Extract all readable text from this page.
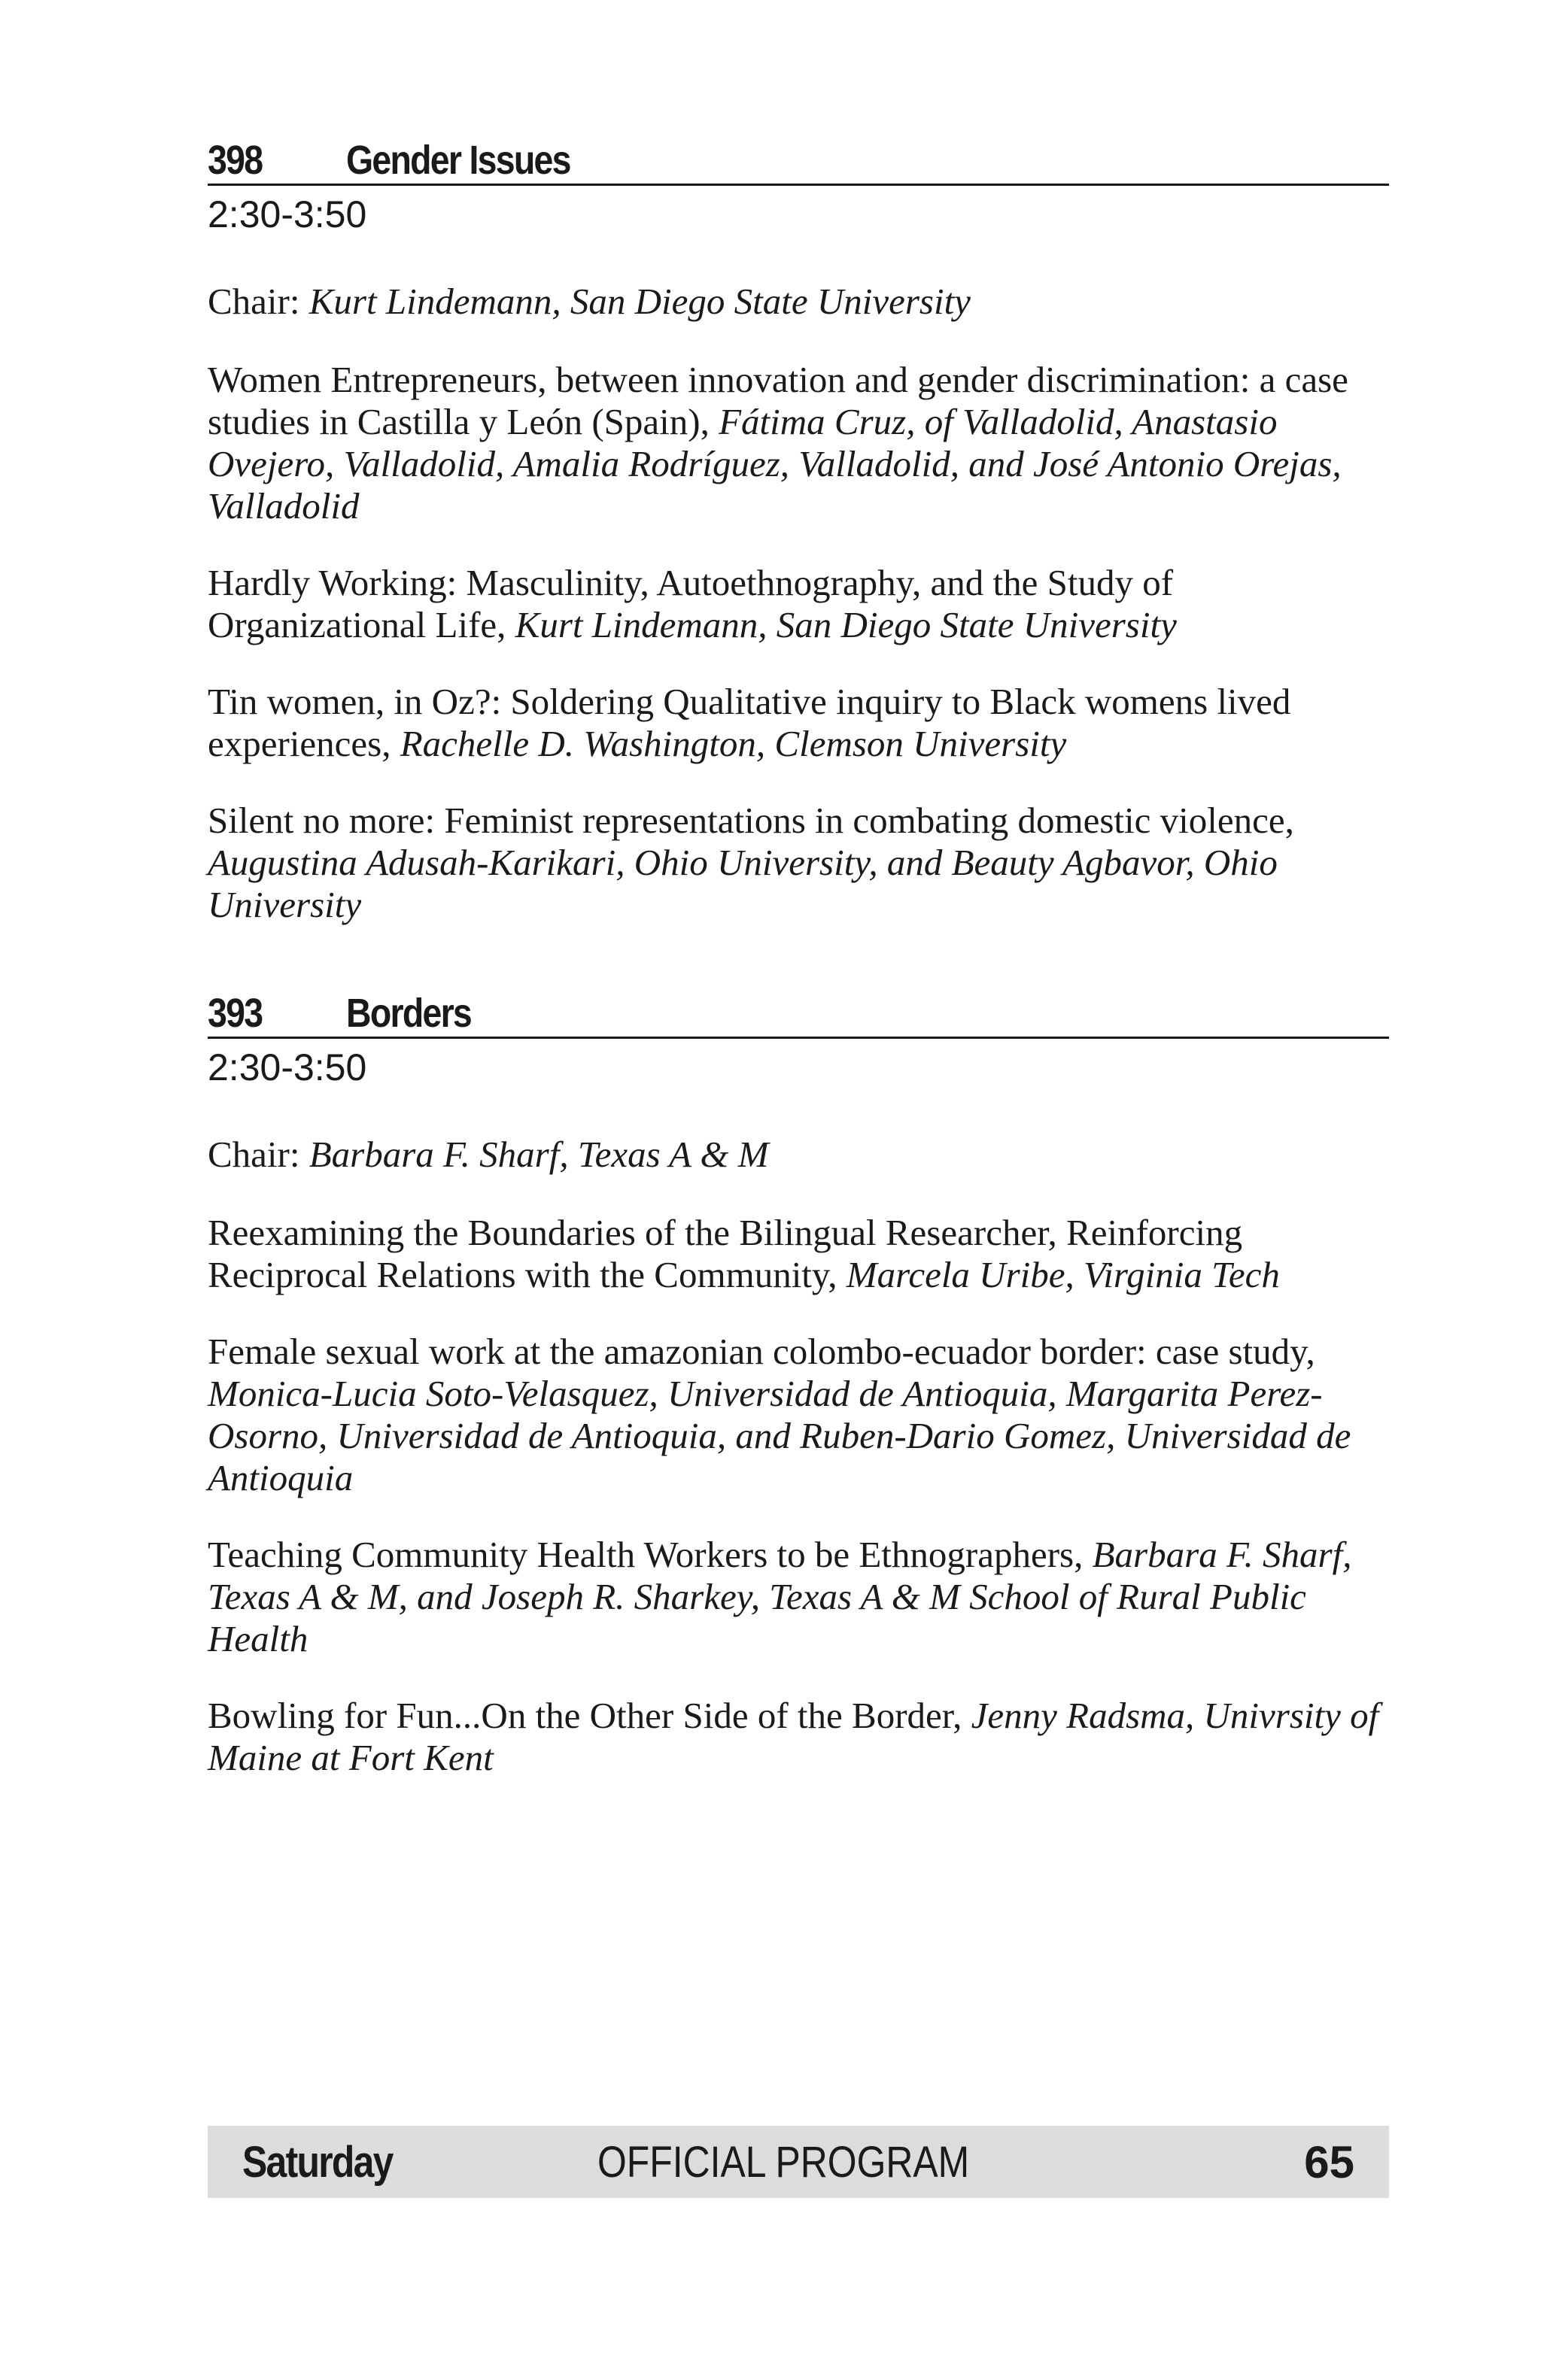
398	Gender Issues
2:30-3:50
Chair: Kurt Lindemann, San Diego State University
Women Entrepreneurs, between innovation and gender discrimination: a case studies in Castilla y León (Spain), Fátima Cruz, of Valladolid, Anastasio Ovejero, Valladolid, Amalia Rodríguez, Valladolid, and José Antonio Orejas, Valladolid
Hardly Working: Masculinity, Autoethnography, and the Study of Organizational Life, Kurt Lindemann, San Diego State University
Tin women, in Oz?: Soldering Qualitative inquiry to Black womens lived experiences, Rachelle D. Washington, Clemson University
Silent no more: Feminist representations in combating domestic violence, Augustina Adusah-Karikari, Ohio University, and Beauty Agbavor, Ohio University
393	Borders
2:30-3:50
Chair: Barbara F. Sharf, Texas A & M
Reexamining the Boundaries of the Bilingual Researcher, Reinforcing Reciprocal Relations with the Community, Marcela Uribe, Virginia Tech
Female sexual work at the amazonian colombo-ecuador border: case study, Monica-Lucia Soto-Velasquez, Universidad de Antioquia, Margarita Perez-Osorno, Universidad de Antioquia, and Ruben-Dario Gomez, Universidad de Antioquia
Teaching Community Health Workers to be Ethnographers, Barbara F. Sharf, Texas A & M, and Joseph R. Sharkey, Texas A & M School of Rural Public Health
Bowling for Fun...On the Other Side of the Border, Jenny Radsma, Univrsity of Maine at Fort Kent
Saturday	OFFICIAL PROGRAM	65
